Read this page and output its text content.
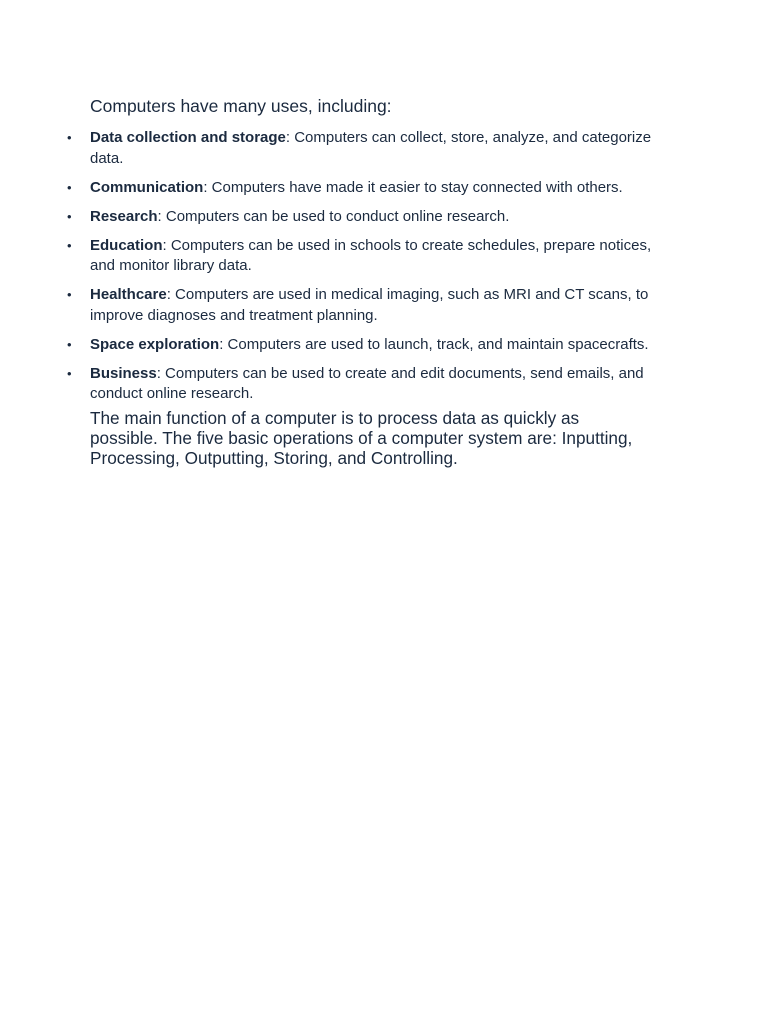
Computers have many uses, including:

• Data collection and storage: Computers can collect, store, analyze, and categorize data.
• Communication: Computers have made it easier to stay connected with others.
• Research: Computers can be used to conduct online research.
• Education: Computers can be used in schools to create schedules, prepare notices, and monitor library data.
• Healthcare: Computers are used in medical imaging, such as MRI and CT scans, to improve diagnoses and treatment planning.
• Space exploration: Computers are used to launch, track, and maintain spacecrafts.
• Business: Computers can be used to create and edit documents, send emails, and conduct online research.

The main function of a computer is to process data as quickly as possible. The five basic operations of a computer system are: Inputting, Processing, Outputting, Storing, and Controlling.
